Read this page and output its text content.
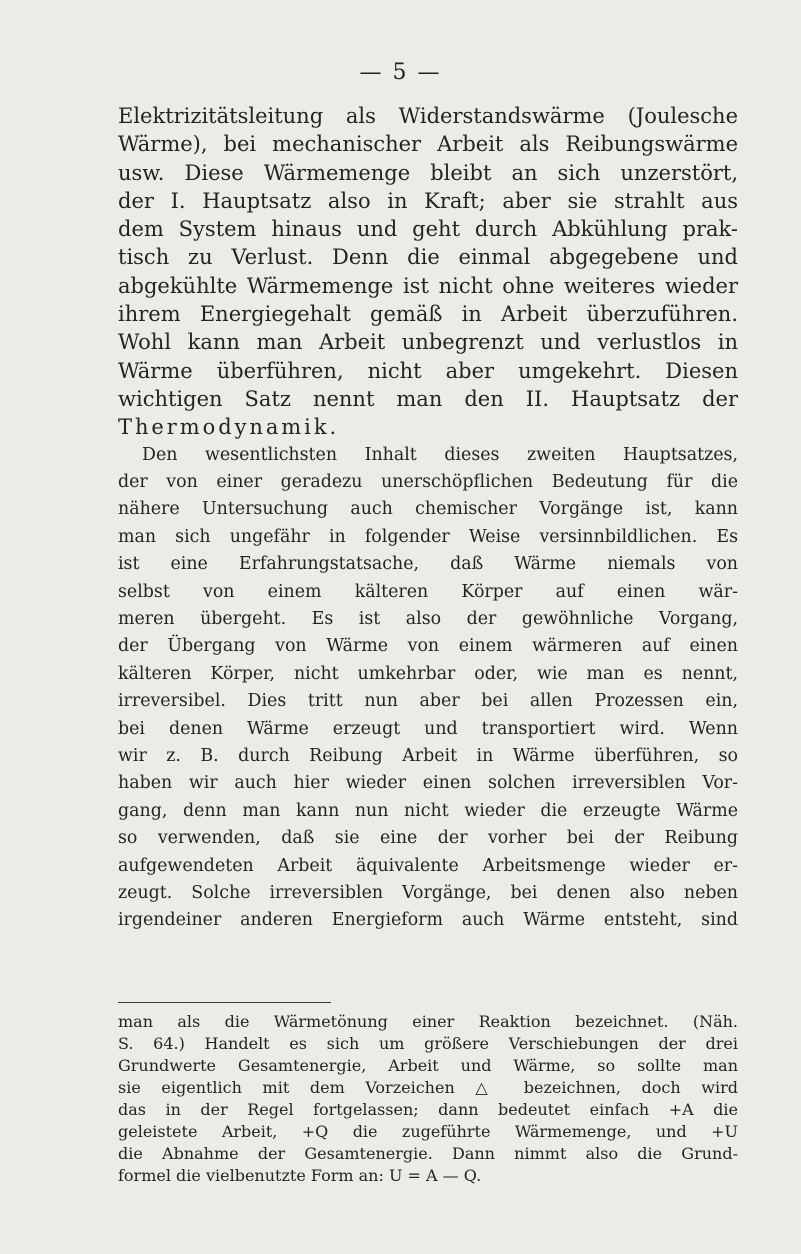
— 5 —
Elektrizitätsleitung als Widerstandswärme (Joulesche
Wärme), bei mechanischer Arbeit als Reibungswärme
usw. Diese Wärmemenge bleibt an sich unzerstört,
der I. Hauptsatz also in Kraft; aber sie strahlt aus
dem System hinaus und geht durch Abkühlung prak-
tisch zu Verlust. Denn die einmal abgegebene und
abgekühlte Wärmemenge ist nicht ohne weiteres wieder
ihrem Energiegehalt gemäß in Arbeit überzuführen.
Wohl kann man Arbeit unbegrenzt und verlustlos in
Wärme überführen, nicht aber umgekehrt. Diesen
wichtigen Satz nennt man den II. Hauptsatz der
Thermodynamik.
Den wesentlichsten Inhalt dieses zweiten Hauptsatzes,
der von einer geradezu unerschöpflichen Bedeutung für die
nähere Untersuchung auch chemischer Vorgänge ist, kann
man sich ungefähr in folgender Weise versinnbildlichen. Es
ist eine Erfahrungstatsache, daß Wärme niemals von
selbst von einem kälteren Körper auf einen wär-
meren übergeht. Es ist also der gewöhnliche Vorgang,
der Übergang von Wärme von einem wärmeren auf einen
kälteren Körper, nicht umkehrbar oder, wie man es nennt,
irreversibel. Dies tritt nun aber bei allen Prozessen ein,
bei denen Wärme erzeugt und transportiert wird. Wenn
wir z. B. durch Reibung Arbeit in Wärme überführen, so
haben wir auch hier wieder einen solchen irreversiblen Vor-
gang, denn man kann nun nicht wieder die erzeugte Wärme
so verwenden, daß sie eine der vorher bei der Reibung
aufgewendeten Arbeit äquivalente Arbeitsmenge wieder er-
zeugt. Solche irreversiblen Vorgänge, bei denen also neben
irgendeiner anderen Energieform auch Wärme entsteht, sind
man als die Wärmetönung einer Reaktion bezeichnet. (Näh.
S. 64.) Handelt es sich um größere Verschiebungen der drei
Grundwerte Gesamtenergie, Arbeit und Wärme, so sollte man
sie eigentlich mit dem Vorzeichen △ bezeichnen, doch wird
das in der Regel fortgelassen; dann bedeutet einfach +A die
geleistete Arbeit, +Q die zugeführte Wärmemenge, und +U
die Abnahme der Gesamtenergie. Dann nimmt also die Grund-
formel die vielbenutzte Form an: U = A — Q.
